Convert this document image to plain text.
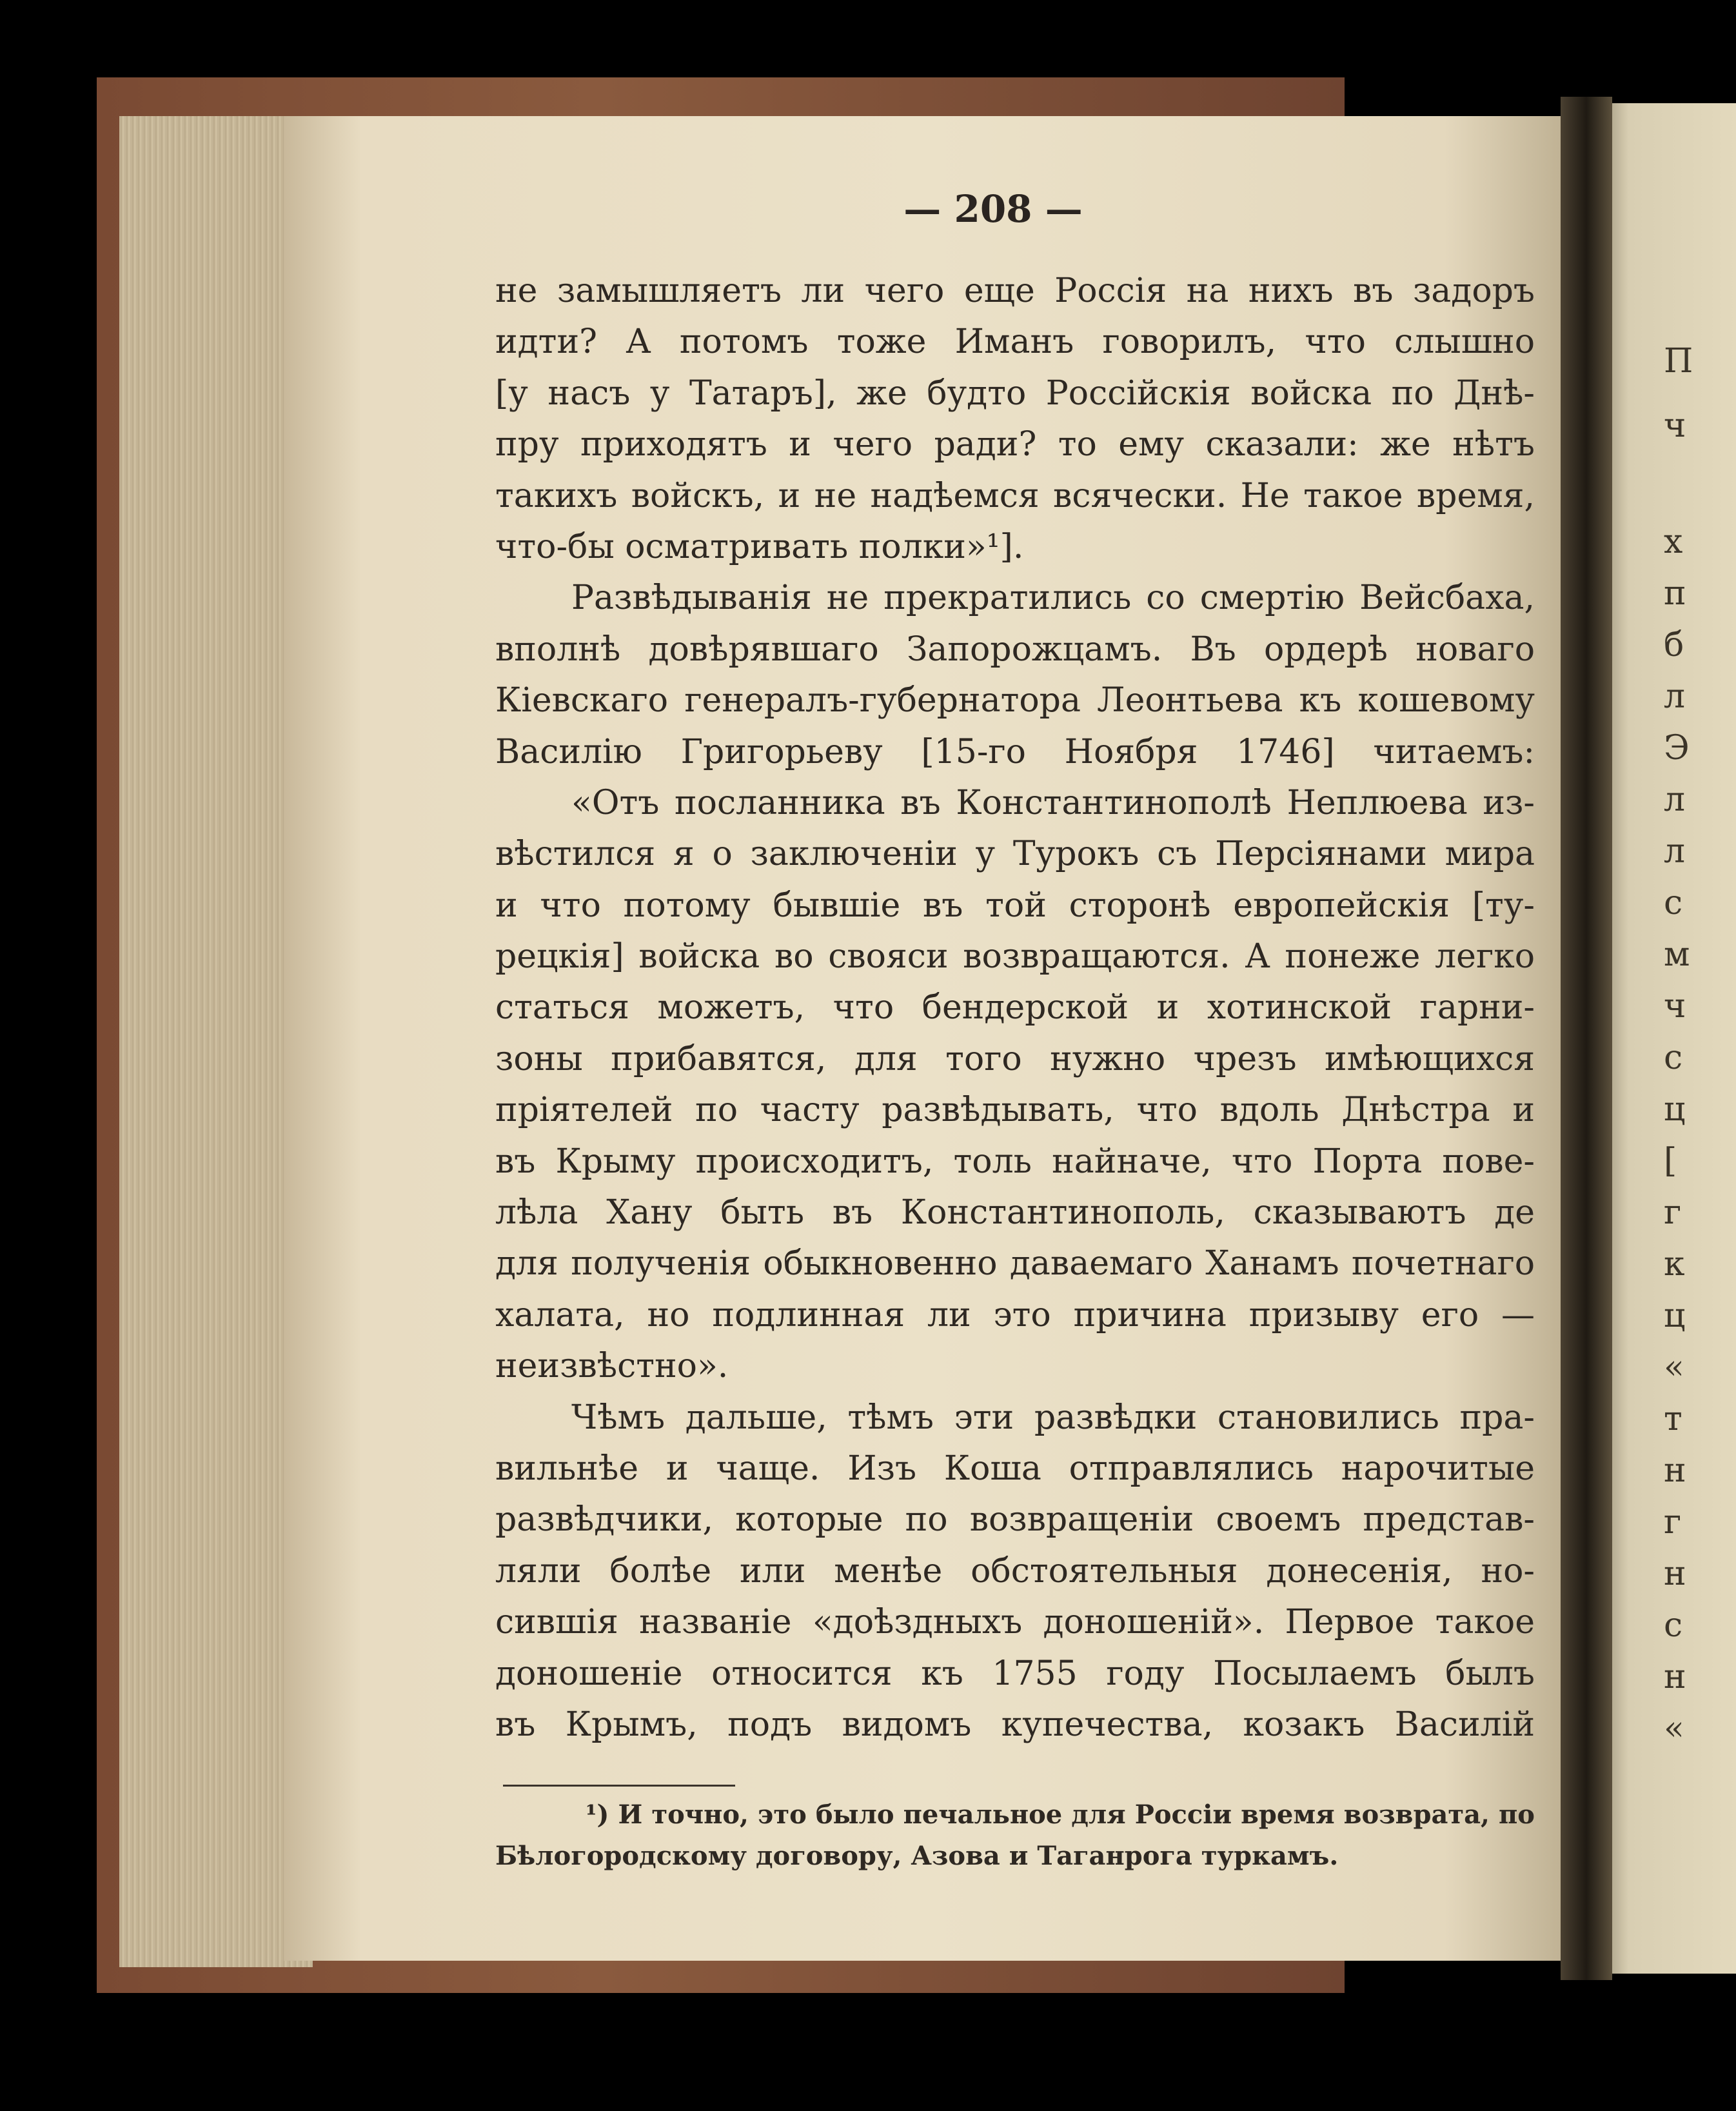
П
ч
х
п
б
л
Э
л
л
с
м
ч
с
ц
[
г
к
ц
«
т
н
г
н
с
н
«
— 208 —
не замышляетъ ли чего еще Россія на нихъ въ задоръ
идти? А потомъ тоже Иманъ говорилъ, что слышно
[у насъ у Татаръ], же будто Россійскія войска по Днѣ-
пру приходятъ и чего ради? то ему сказали: же нѣтъ
такихъ войскъ, и не надѣемся всячески. Не такое время,
что-бы осматривать полки»¹].
Развѣдыванія не прекратились со смертію Вейсбаха,
вполнѣ довѣрявшаго Запорожцамъ. Въ ордерѣ новаго
Кіевскаго генералъ-губернатора Леонтьева къ кошевому
Василію Григорьеву [15-го Ноября 1746] читаемъ:
«Отъ посланника въ Константинополѣ Неплюева из-
вѣстился я о заключеніи у Турокъ съ Персіянами мира
и что потому бывшіе въ той сторонѣ европейскія [ту-
рецкія] войска во свояси возвращаются. А понеже легко
статься можетъ, что бендерской и хотинской гарни-
зоны прибавятся, для того нужно чрезъ имѣющихся
пріятелей по часту развѣдывать, что вдоль Днѣстра и
въ Крыму происходитъ, толь найначе, что Порта пове-
лѣла Хану быть въ Константинополь, сказываютъ де
для полученія обыкновенно даваемаго Ханамъ почетнаго
халата, но подлинная ли это причина призыву его —
неизвѣстно».
Чѣмъ дальше, тѣмъ эти развѣдки становились пра-
вильнѣе и чаще. Изъ Коша отправлялись нарочитые
развѣдчики, которые по возвращеніи своемъ представ-
ляли болѣе или менѣе обстоятельныя донесенія, но-
сившія названіе «доѣздныхъ доношеній». Первое такое
доношеніе относится къ 1755 году Посылаемъ былъ
въ Крымъ, подъ видомъ купечества, козакъ Василій
¹) И точно, это было печальное для Россіи время возврата, по
Бѣлогородскому договору, Азова и Таганрога туркамъ.
